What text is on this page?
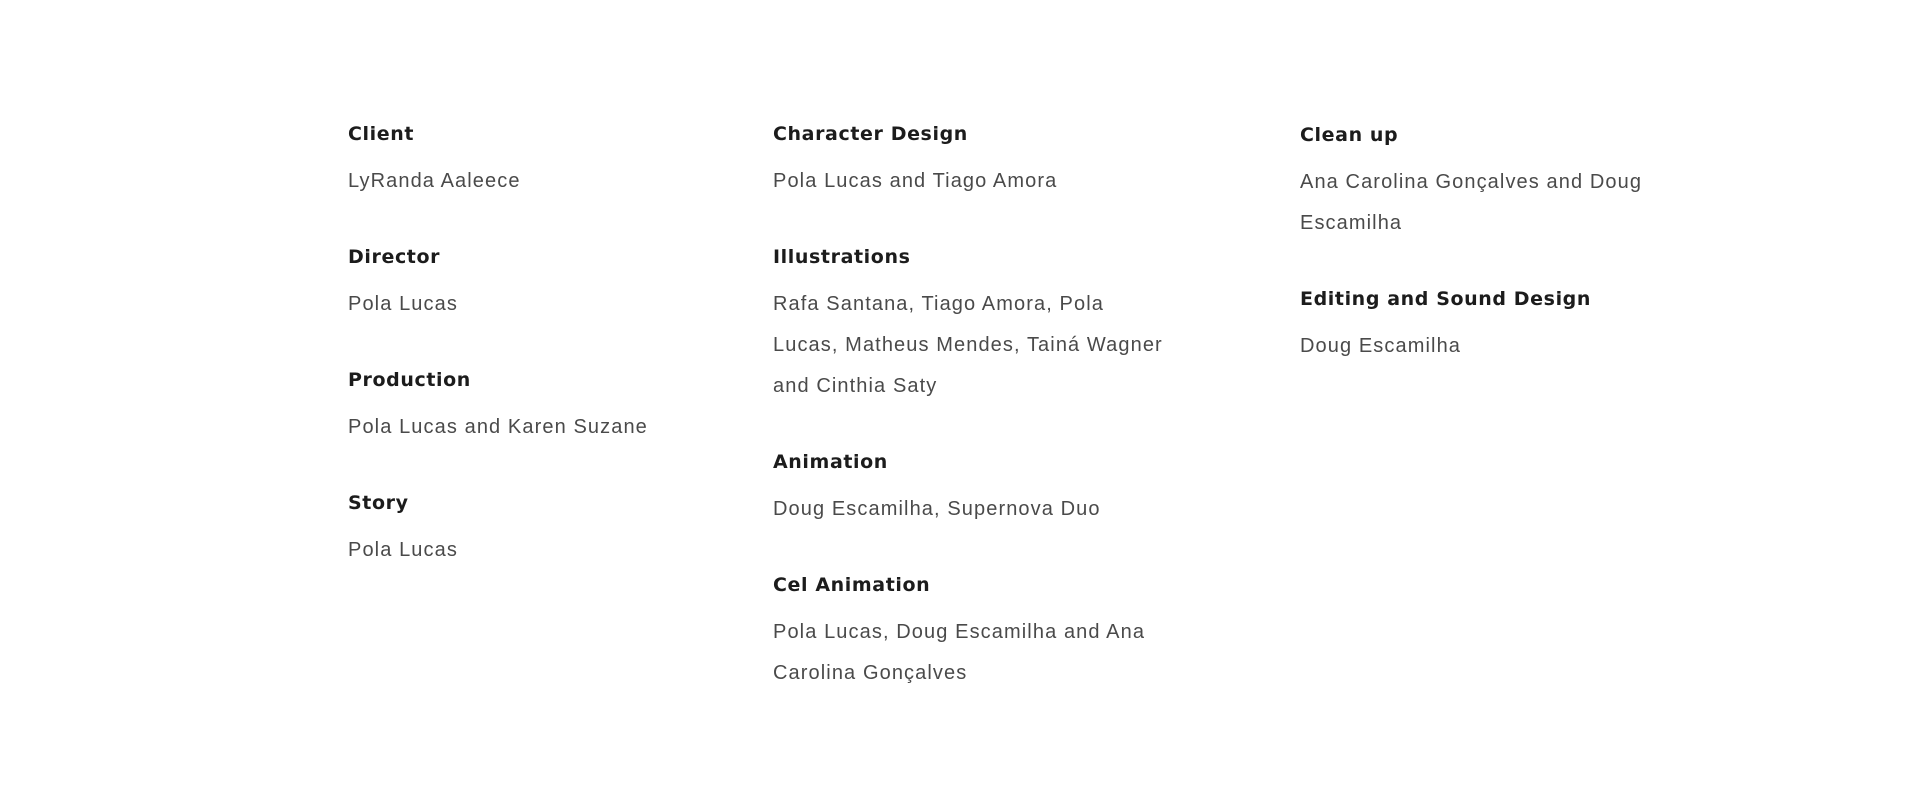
Client

LyRanda Aaleece

Director

Pola Lucas

Production

Pola Lucas and Karen Suzane

Story

Pola Lucas

Character Design

Pola Lucas and Tiago Amora

Illustrations

Rafa Santana, Tiago Amora, Pola Lucas, Matheus Mendes, Tainá Wagner and Cinthia Saty

Animation

Doug Escamilha, Supernova Duo

Cel Animation

Pola Lucas, Doug Escamilha and Ana Carolina Gonçalves

Clean up

Ana Carolina Gonçalves and Doug Escamilha

Editing and Sound Design

Doug Escamilha
